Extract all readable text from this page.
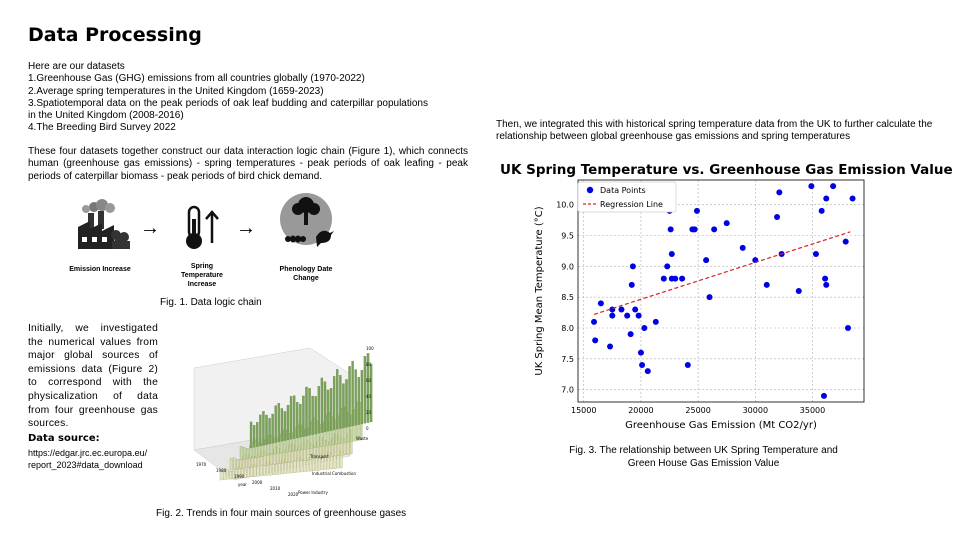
Data Processing
Here are our datasets
1.Greenhouse Gas (GHG) emissions from all countries globally (1970-2022)
2.Average spring temperatures in the United Kingdom (1659-2023)
3.Spatiotemporal data on the peak periods of oak leaf budding and caterpillar populations in the United Kingdom (2008-2016)
4.The Breeding Bird Survey 2022
These four datasets together construct our data interaction logic chain (Figure 1), which connects human (greenhouse gas emissions) - spring temperatures - peak periods of oak leafing - peak periods of caterpillar biomass - peak periods of bird chick demand.
→	→
Emission Increase	Spring Temperature Increase
Phenology Date Change
Fig. 1. Data logic chain
Initially, we investigated the numerical values from major global sources of emissions data (Figure 2) to correspond with the physicalization of data from four greenhouse gas sources.
Data source:
https://edgar.jrc.ec.europa.eu/report_2023#data_download
Waste
Transport
Industrial Combustion
Power Industry
1970
1980
1990
2000
2010
2020
year
0
20
40
60
80
100
Fig. 2. Trends in four main sources of greenhouse gases
Then, we integrated this with historical spring temperature data from the UK to further calculate the relationship between global greenhouse gas emissions and spring temperatures
UK Spring Temperature vs. Greenhouse Gas Emission Value
15000	20000	25000	30000	35000
7.0
7.5
8.0
8.5
9.0
9.5
10.0
Greenhouse Gas Emission (Mt CO2/yr)
UK Spring Mean Temperature (°C)
Data Points
Regression Line
Fig. 3. The relationship between UK Spring Temperature and Green House Gas Emission Value
